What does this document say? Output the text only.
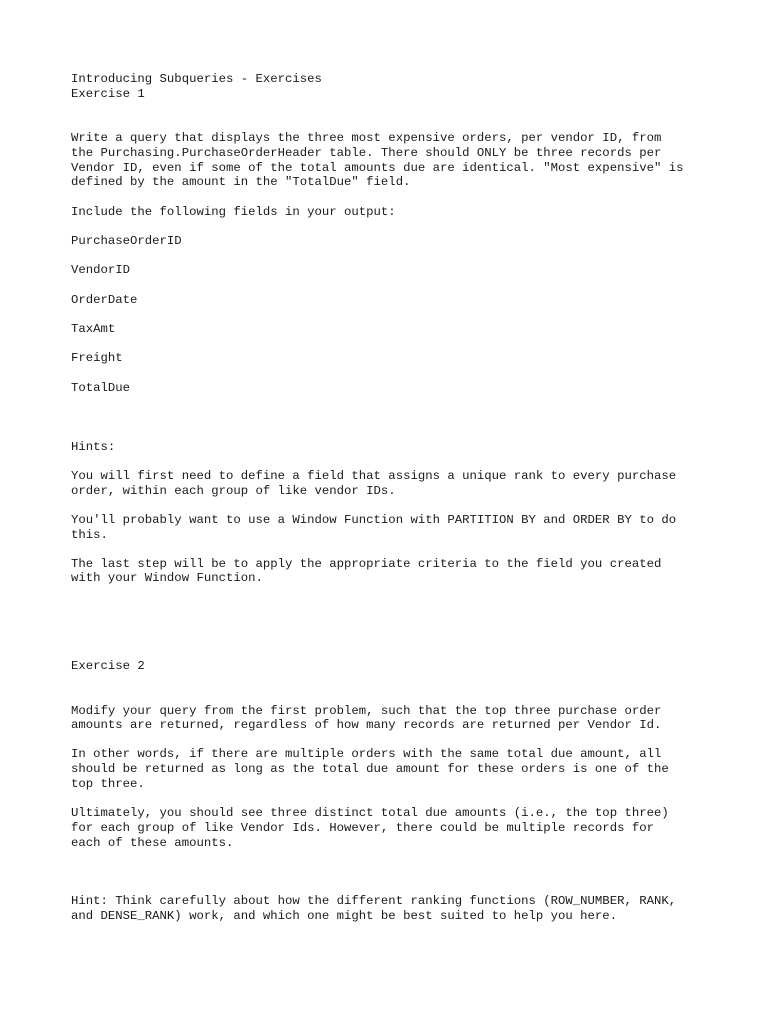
Introducing Subqueries - Exercises

Exercise 1

Write a query that displays the three most expensive orders, per vendor ID, from

the Purchasing.PurchaseOrderHeader table. There should ONLY be three records per

Vendor ID, even if some of the total amounts due are identical. "Most expensive" is

defined by the amount in the "TotalDue" field.

Include the following fields in your output:

PurchaseOrderID

VendorID

OrderDate

TaxAmt

Freight

TotalDue

Hints:

You will first need to define a field that assigns a unique rank to every purchase

order, within each group of like vendor IDs.

You'll probably want to use a Window Function with PARTITION BY and ORDER BY to do

this.

The last step will be to apply the appropriate criteria to the field you created

with your Window Function.

Exercise 2

Modify your query from the first problem, such that the top three purchase order

amounts are returned, regardless of how many records are returned per Vendor Id.

In other words, if there are multiple orders with the same total due amount, all

should be returned as long as the total due amount for these orders is one of the

top three.

Ultimately, you should see three distinct total due amounts (i.e., the top three)

for each group of like Vendor Ids. However, there could be multiple records for

each of these amounts.

Hint: Think carefully about how the different ranking functions (ROW_NUMBER, RANK,

and DENSE_RANK) work, and which one might be best suited to help you here.
